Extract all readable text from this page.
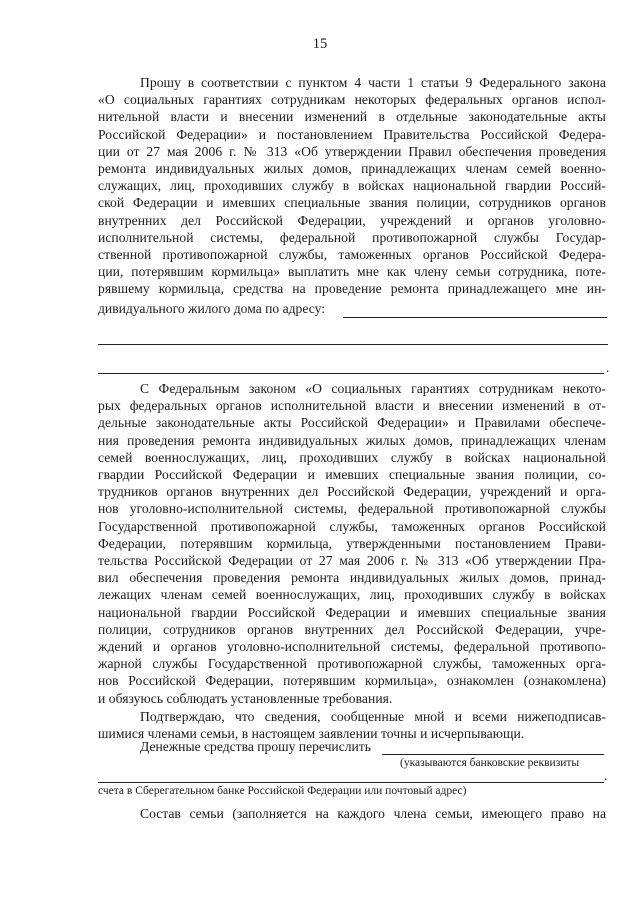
15
Прошу в соответствии с пунктом 4 части 1 статьи 9 Федерального закона
«О социальных гарантиях сотрудникам некоторых федеральных органов испол-
нительной власти и внесении изменений в отдельные законодательные акты
Российской Федерации» и постановлением Правительства Российской Федера-
ции от 27 мая 2006 г. № 313 «Об утверждении Правил обеспечения проведения
ремонта индивидуальных жилых домов, принадлежащих членам семей военно-
служащих, лиц, проходивших службу в войсках национальной гвардии Россий-
ской Федерации и имевших специальные звания полиции, сотрудников органов
внутренних дел Российской Федерации, учреждений и органов уголовно-
исполнительной системы, федеральной противопожарной службы Государ-
ственной противопожарной службы, таможенных органов Российской Федера-
ции, потерявшим кормильца» выплатить мне как члену семьи сотрудника, поте-
рявшему кормильца, средства на проведение ремонта принадлежащего мне ин-
дивидуального жилого дома по адресу:
.
С Федеральным законом «О социальных гарантиях сотрудникам некото-
рых федеральных органов исполнительной власти и внесении изменений в от-
дельные законодательные акты Российской Федерации» и Правилами обеспече-
ния проведения ремонта индивидуальных жилых домов, принадлежащих членам
семей военнослужащих, лиц, проходивших службу в войсках национальной
гвардии Российской Федерации и имевших специальные звания полиции, со-
трудников органов внутренних дел Российской Федерации, учреждений и орга-
нов уголовно-исполнительной системы, федеральной противопожарной службы
Государственной противопожарной службы, таможенных органов Российской
Федерации, потерявшим кормильца, утвержденными постановлением Прави-
тельства Российской Федерации от 27 мая 2006 г. № 313 «Об утверждении Пра-
вил обеспечения проведения ремонта индивидуальных жилых домов, принад-
лежащих членам семей военнослужащих, лиц, проходивших службу в войсках
национальной гвардии Российской Федерации и имевших специальные звания
полиции, сотрудников органов внутренних дел Российской Федерации, учре-
ждений и органов уголовно-исполнительной системы, федеральной противопо-
жарной службы Государственной противопожарной службы, таможенных орга-
нов Российской Федерации, потерявшим кормильца», ознакомлен (ознакомлена)
и обязуюсь соблюдать установленные требования.
Подтверждаю, что сведения, сообщенные мной и всеми нижеподписав-
шимися членами семьи, в настоящем заявлении точны и исчерпывающи.
Денежные средства прошу перечислить
(указываются банковские реквизиты
.
счета в Сберегательном банке Российской Федерации или почтовый адрес)
Состав семьи (заполняется на каждого члена семьи, имеющего право на
